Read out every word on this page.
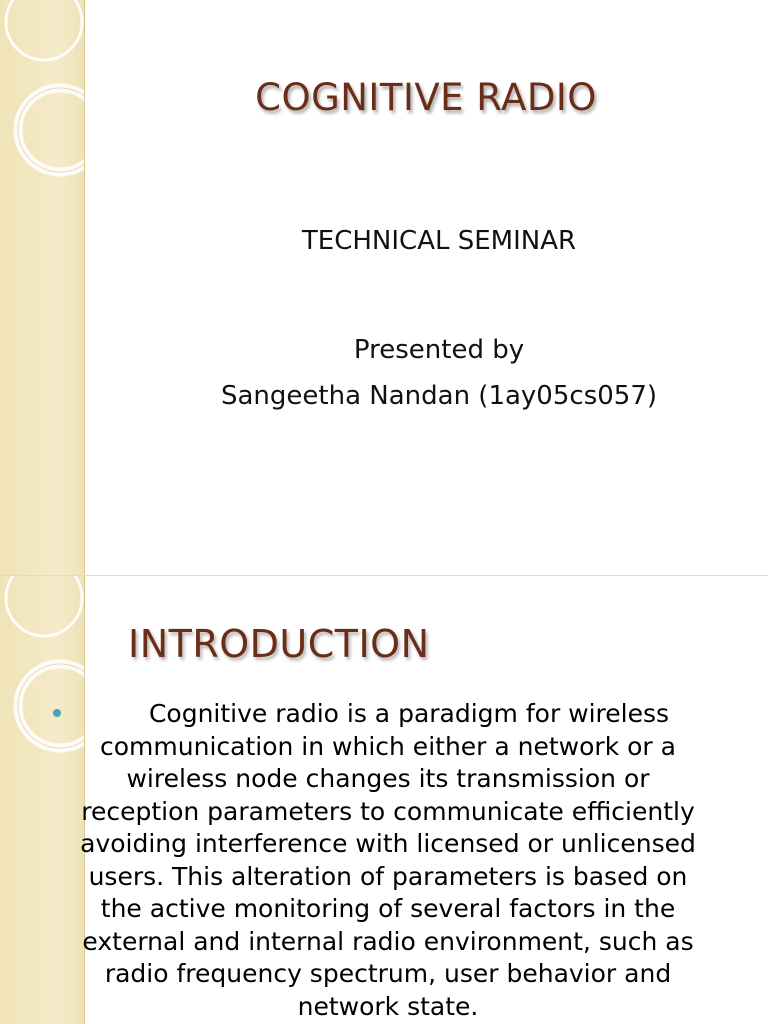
COGNITIVE RADIO
TECHNICAL SEMINAR
Presented by
Sangeetha Nandan (1ay05cs057)
INTRODUCTION

Cognitive radio is a paradigm for wireless communication in which either a network or a wireless node changes its transmission or reception parameters to communicate efficiently avoiding interference with licensed or unlicensed users. This alteration of parameters is based on the active monitoring of several factors in the external and internal radio environment, such as radio frequency spectrum, user behavior and network state.
